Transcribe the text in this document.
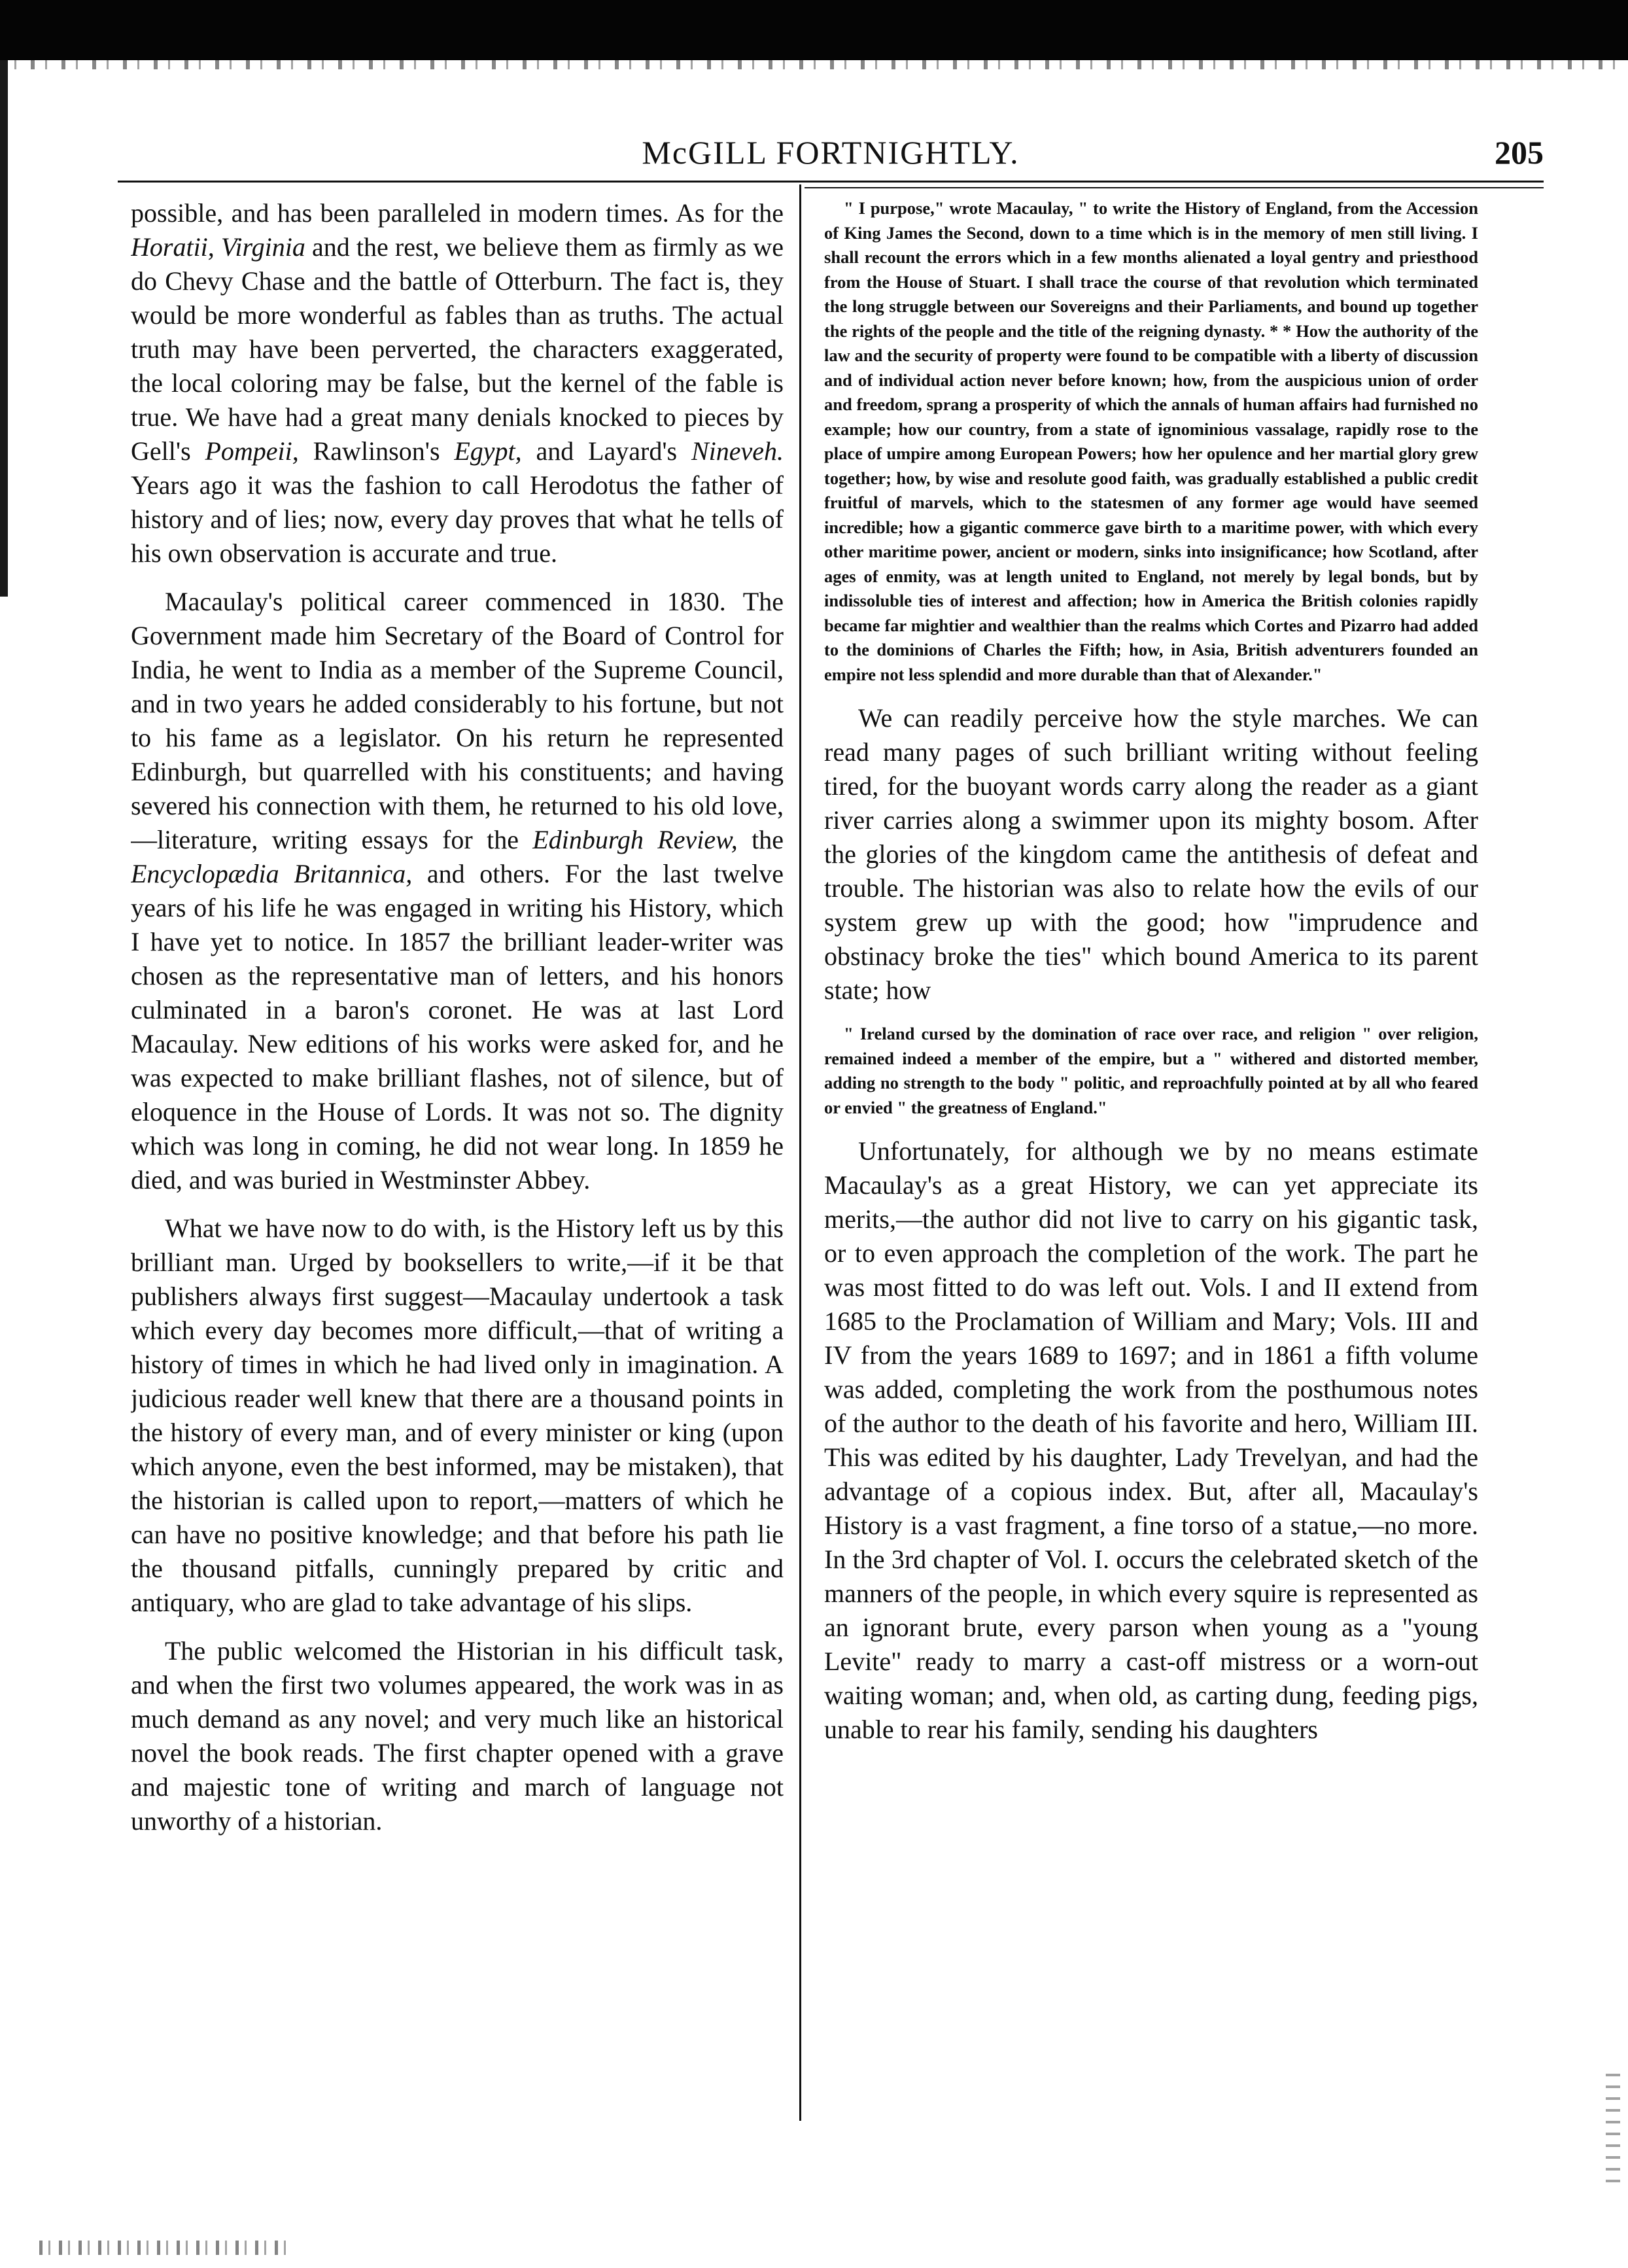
McGILL FORTNIGHTLY.	205

possible, and has been paralleled in modern times. As for the Horatii, Virginia and the rest, we believe them as firmly as we do Chevy Chase and the battle of Otterburn. The fact is, they would be more wonderful as fables than as truths. The actual truth may have been perverted, the characters exaggerated, the local coloring may be false, but the kernel of the fable is true. We have had a great many denials knocked to pieces by Gell's Pompeii, Rawlinson's Egypt, and Layard's Nineveh. Years ago it was the fashion to call Herodotus the father of history and of lies; now, every day proves that what he tells of his own observation is accurate and true.

Macaulay's political career commenced in 1830. The Government made him Secretary of the Board of Control for India, he went to India as a member of the Supreme Council, and in two years he added considerably to his fortune, but not to his fame as a legislator. On his return he represented Edinburgh, but quarrelled with his constituents; and having severed his connection with them, he returned to his old love,—literature, writing essays for the Edinburgh Review, the Encyclopædia Britannica, and others. For the last twelve years of his life he was engaged in writing his History, which I have yet to notice. In 1857 the brilliant leader-writer was chosen as the representative man of letters, and his honors culminated in a baron's coronet. He was at last Lord Macaulay. New editions of his works were asked for, and he was expected to make brilliant flashes, not of silence, but of eloquence in the House of Lords. It was not so. The dignity which was long in coming, he did not wear long. In 1859 he died, and was buried in Westminster Abbey.

What we have now to do with, is the History left us by this brilliant man. Urged by booksellers to write,—if it be that publishers always first suggest—Macaulay undertook a task which every day becomes more difficult,—that of writing a history of times in which he had lived only in imagination. A judicious reader well knew that there are a thousand points in the history of every man, and of every minister or king (upon which anyone, even the best informed, may be mistaken), that the historian is called upon to report,—matters of which he can have no positive knowledge; and that before his path lie the thousand pitfalls, cunningly prepared by critic and antiquary, who are glad to take advantage of his slips.

The public welcomed the Historian in his difficult task, and when the first two volumes appeared, the work was in as much demand as any novel; and very much like an historical novel the book reads. The first chapter opened with a grave and majestic tone of writing and march of language not unworthy of a historian.

" I purpose," wrote Macaulay, " to write the History of England, from the Accession of King James the Second, down to a time which is in the memory of men still living. I shall recount the errors which in a few months alienated a loyal gentry and priesthood from the House of Stuart. I shall trace the course of that revolution which terminated the long struggle between our Sovereigns and their Parliaments, and bound up together the rights of the people and the title of the reigning dynasty. * * How the authority of the law and the security of property were found to be compatible with a liberty of discussion and of individual action never before known; how, from the auspicious union of order and freedom, sprang a prosperity of which the annals of human affairs had furnished no example; how our country, from a state of ignominious vassalage, rapidly rose to the place of umpire among European Powers; how her opulence and her martial glory grew together; how, by wise and resolute good faith, was gradually established a public credit fruitful of marvels, which to the statesmen of any former age would have seemed incredible; how a gigantic commerce gave birth to a maritime power, with which every other maritime power, ancient or modern, sinks into insignificance; how Scotland, after ages of enmity, was at length united to England, not merely by legal bonds, but by indissoluble ties of interest and affection; how in America the British colonies rapidly became far mightier and wealthier than the realms which Cortes and Pizarro had added to the dominions of Charles the Fifth; how, in Asia, British adventurers founded an empire not less splendid and more durable than that of Alexander."

We can readily perceive how the style marches. We can read many pages of such brilliant writing without feeling tired, for the buoyant words carry along the reader as a giant river carries along a swimmer upon its mighty bosom. After the glories of the kingdom came the antithesis of defeat and trouble. The historian was also to relate how the evils of our system grew up with the good; how "imprudence and obstinacy broke the ties" which bound America to its parent state; how

" Ireland cursed by the domination of race over race, and religion " over religion, remained indeed a member of the empire, but a " withered and distorted member, adding no strength to the body " politic, and reproachfully pointed at by all who feared or envied " the greatness of England."

Unfortunately, for although we by no means estimate Macaulay's as a great History, we can yet appreciate its merits,—the author did not live to carry on his gigantic task, or to even approach the completion of the work. The part he was most fitted to do was left out. Vols. I and II extend from 1685 to the Proclamation of William and Mary; Vols. III and IV from the years 1689 to 1697; and in 1861 a fifth volume was added, completing the work from the posthumous notes of the author to the death of his favorite and hero, William III. This was edited by his daughter, Lady Trevelyan, and had the advantage of a copious index. But, after all, Macaulay's History is a vast fragment, a fine torso of a statue,—no more. In the 3rd chapter of Vol. I. occurs the celebrated sketch of the manners of the people, in which every squire is represented as an ignorant brute, every parson when young as a "young Levite" ready to marry a cast-off mistress or a worn-out waiting woman; and, when old, as carting dung, feeding pigs, unable to rear his family, sending his daughters
